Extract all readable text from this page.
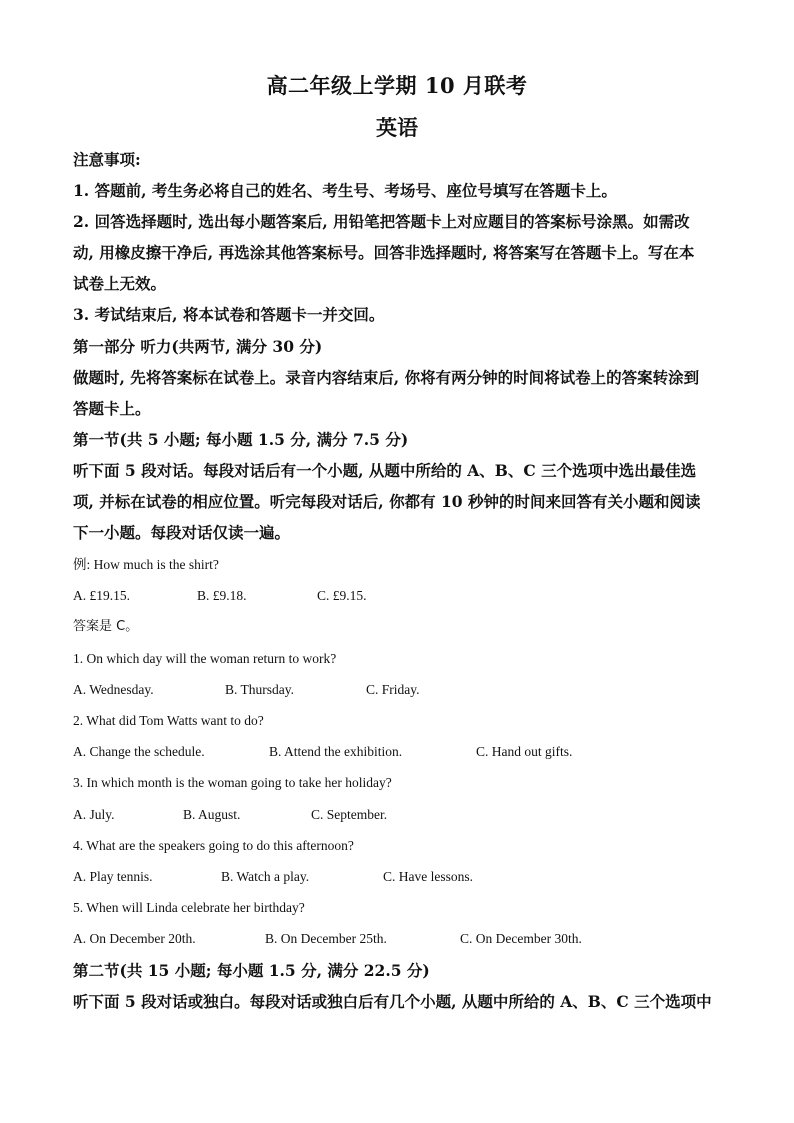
高二年级上学期 10 月联考
英语
注意事项:
1. 答题前, 考生务必将自己的姓名、考生号、考场号、座位号填写在答题卡上。
2. 回答选择题时, 选出每小题答案后, 用铅笔把答题卡上对应题目的答案标号涂黑。如需改
动, 用橡皮擦干净后, 再选涂其他答案标号。回答非选择题时, 将答案写在答题卡上。写在本
试卷上无效。
3. 考试结束后, 将本试卷和答题卡一并交回。
第一部分 听力(共两节, 满分 30 分)
做题时, 先将答案标在试卷上。录音内容结束后, 你将有两分钟的时间将试卷上的答案转涂到
答题卡上。
第一节(共 5 小题; 每小题 1.5 分, 满分 7.5 分)
听下面 5 段对话。每段对话后有一个小题, 从题中所给的 A、B、C 三个选项中选出最佳选
项, 并标在试卷的相应位置。听完每段对话后, 你都有 10 秒钟的时间来回答有关小题和阅读
下一小题。每段对话仅读一遍。
例: How much is the shirt?
A. £19.15.	B. £9.18.	C. £9.15.
答案是 C。
1. On which day will the woman return to work?
A. Wednesday.	B. Thursday.	C. Friday.
2. What did Tom Watts want to do?
A. Change the schedule.	B. Attend the exhibition.	C. Hand out gifts.
3. In which month is the woman going to take her holiday?
A. July.	B. August.	C. September.
4. What are the speakers going to do this afternoon?
A. Play tennis.	B. Watch a play.	C. Have lessons.
5. When will Linda celebrate her birthday?
A. On December 20th.	B. On December 25th.	C. On December 30th.
第二节(共 15 小题; 每小题 1.5 分, 满分 22.5 分)
听下面 5 段对话或独白。每段对话或独白后有几个小题, 从题中所给的 A、B、C 三个选项中
